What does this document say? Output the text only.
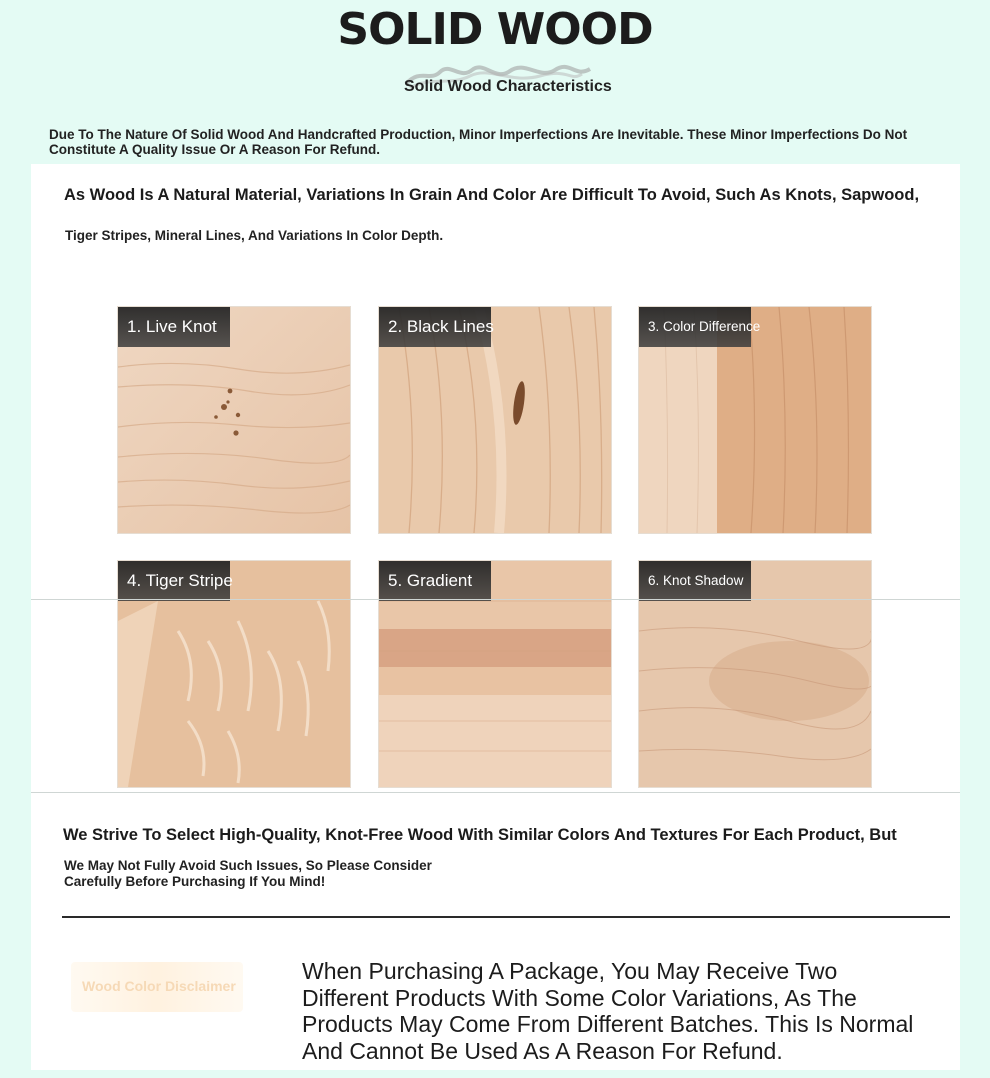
SOLID WOOD
Solid Wood Characteristics
Due To The Nature Of Solid Wood And Handcrafted Production, Minor Imperfections Are Inevitable. These Minor Imperfections Do Not Constitute A Quality Issue Or A Reason For Refund.
As Wood Is A Natural Material, Variations In Grain And Color Are Difficult To Avoid, Such As Knots, Sapwood,
Tiger Stripes, Mineral Lines, And Variations In Color Depth.
1. Live Knot	2. Black Lines	3. Color Difference
4. Tiger Stripe	5. Gradient	6. Knot Shadow
We Strive To Select High-Quality, Knot-Free Wood With Similar Colors And Textures For Each Product, But
We May Not Fully Avoid Such Issues, So Please Consider Carefully Before Purchasing If You Mind!
Wood Color Disclaimer
When Purchasing A Package, You May Receive Two Different Products With Some Color Variations, As The Products May Come From Different Batches. This Is Normal And Cannot Be Used As A Reason For Refund.
